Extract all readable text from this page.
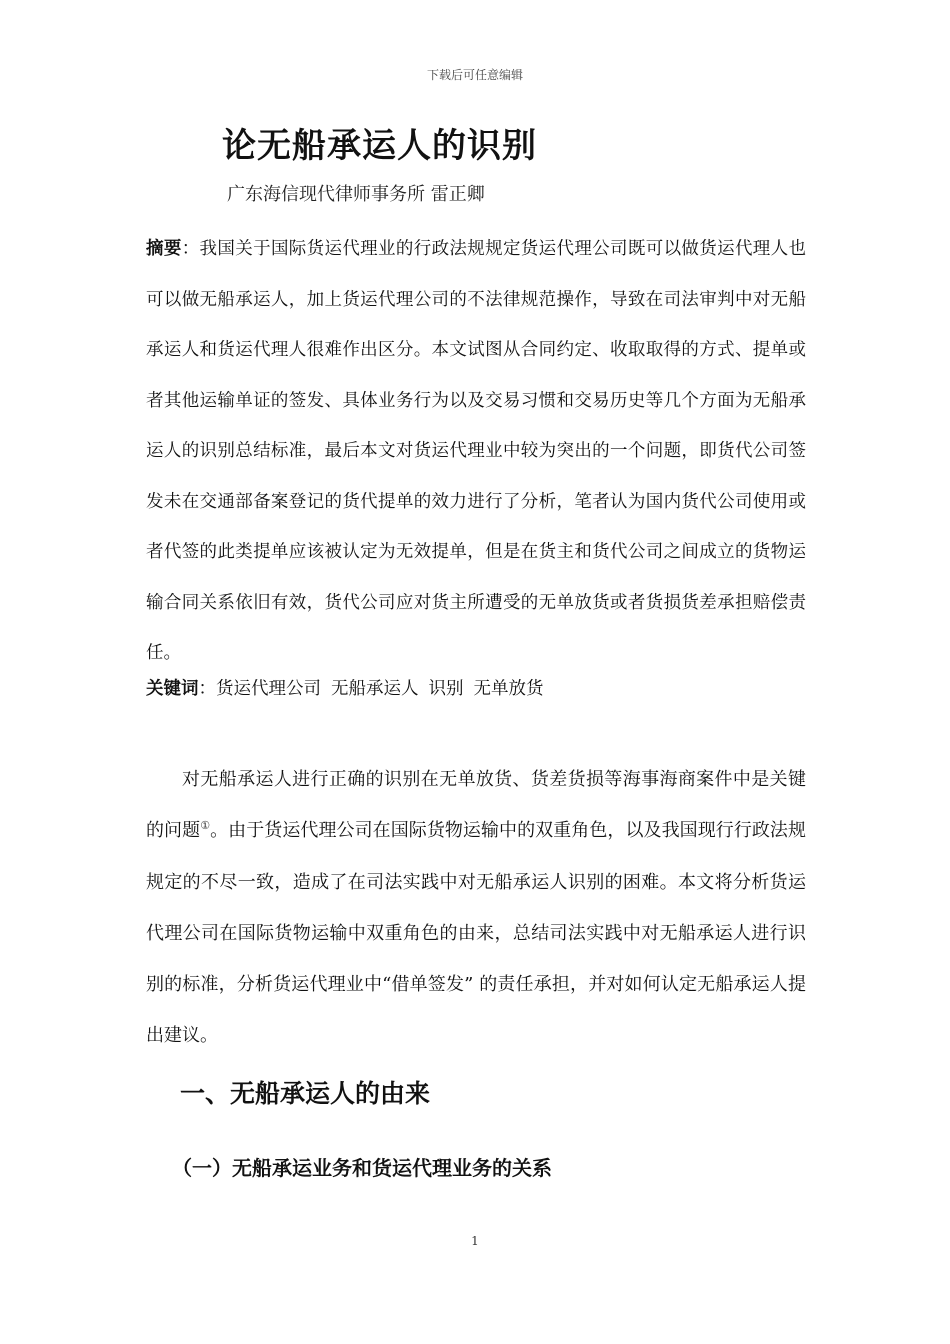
下载后可任意编辑
论无船承运人的识别
广东海信现代律师事务所 雷正卿
摘要：我国关于国际货运代理业的行政法规规定货运代理公司既可以做货运代理人也可以做无船承运人，加上货运代理公司的不法律规范操作，导致在司法审判中对无船承运人和货运代理人很难作出区分。本文试图从合同约定、收取取得的方式、提单或者其他运输单证的签发、具体业务行为以及交易习惯和交易历史等几个方面为无船承运人的识别总结标准，最后本文对货运代理业中较为突出的一个问题，即货代公司签发未在交通部备案登记的货代提单的效力进行了分析，笔者认为国内货代公司使用或者代签的此类提单应该被认定为无效提单，但是在货主和货代公司之间成立的货物运输合同关系依旧有效，货代公司应对货主所遭受的无单放货或者货损货差承担赔偿责任。
关键词：货运代理公司 无船承运人 识别 无单放货
对无船承运人进行正确的识别在无单放货、货差货损等海事海商案件中是关键的问题①。由于货运代理公司在国际货物运输中的双重角色，以及我国现行行政法规规定的不尽一致，造成了在司法实践中对无船承运人识别的困难。本文将分析货运代理公司在国际货物运输中双重角色的由来，总结司法实践中对无船承运人进行识别的标准，分析货运代理业中“借单签发” 的责任承担，并对如何认定无船承运人提出建议。
一、无船承运人的由来
（一）无船承运业务和货运代理业务的关系
1
